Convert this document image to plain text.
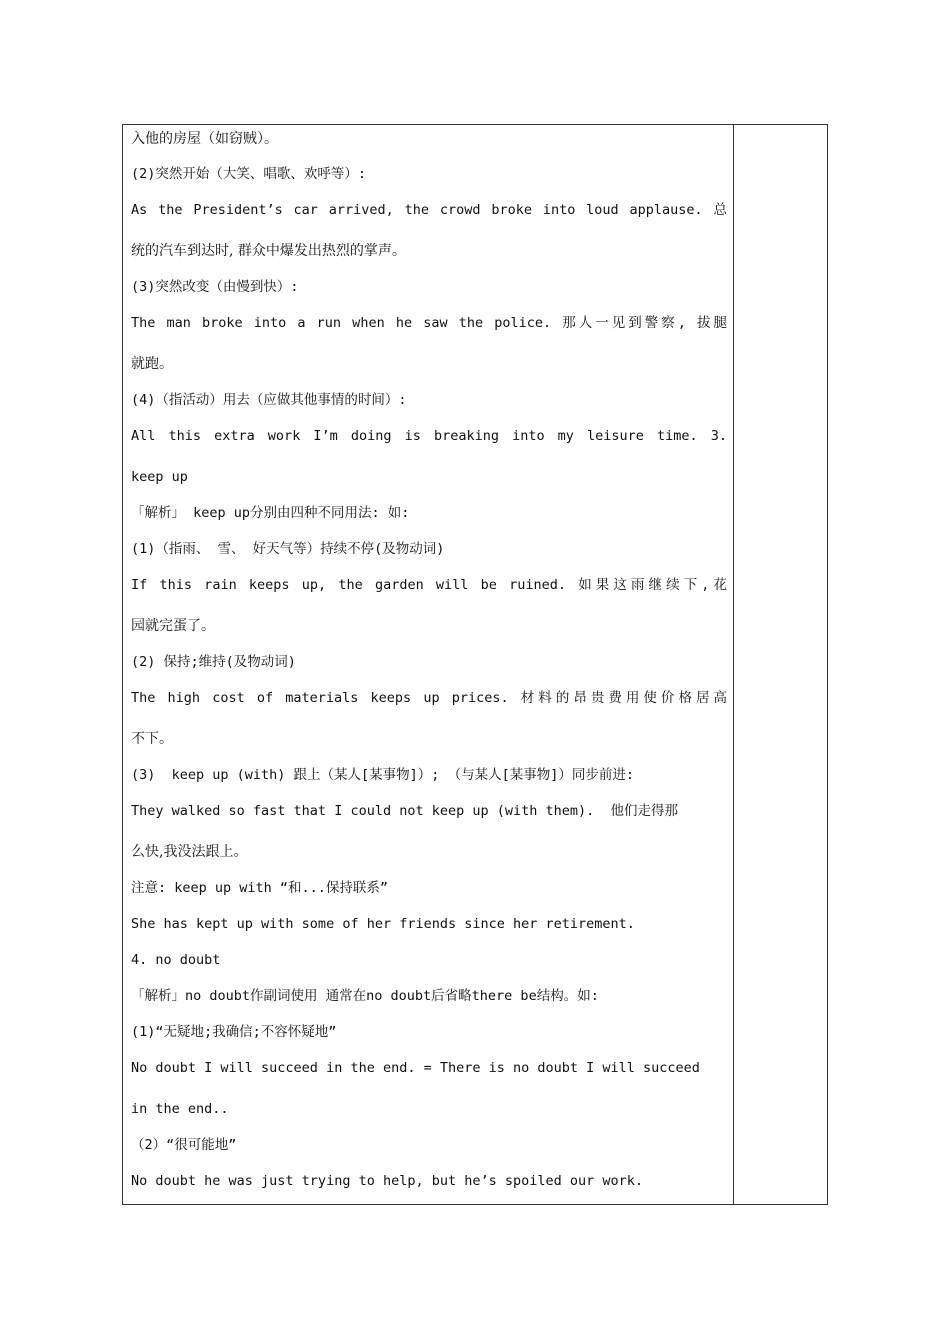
入他的房屋（如窃贼）。
(2)突然开始（大笑、唱歌、欢呼等）:
As the President’s car arrived, the crowd broke into loud applause. 总
统的汽车到达时, 群众中爆发出热烈的掌声。
(3)突然改变（由慢到快）:
The man broke into a run when he saw the police. 那人一见到警察, 拔腿
就跑。
(4)（指活动）用去（应做其他事情的时间）:
All this extra work I’m doing is breaking into my leisure time. 3.
keep up
「解析」 keep up分别由四种不同用法: 如:
(1)（指雨、 雪、 好天气等）持续不停(及物动词)
If this rain keeps up, the garden will be ruined. 如果这雨继续下,花
园就完蛋了。
(2) 保持;维持(及物动词)
The high cost of materials keeps up prices. 材料的昂贵费用使价格居高
不下。
(3)  keep up (with) 跟上（某人[某事物]）; （与某人[某事物]）同步前进:
They walked so fast that I could not keep up (with them).  他们走得那
么快,我没法跟上。
注意: keep up with “和...保持联系”
She has kept up with some of her friends since her retirement.
4. no doubt
「解析」no doubt作副词使用 通常在no doubt后省略there be结构。如:
(1)“无疑地;我确信;不容怀疑地”
No doubt I will succeed in the end. = There is no doubt I will succeed
in the end..
（2）“很可能地”
No doubt he was just trying to help, but he’s spoiled our work.
